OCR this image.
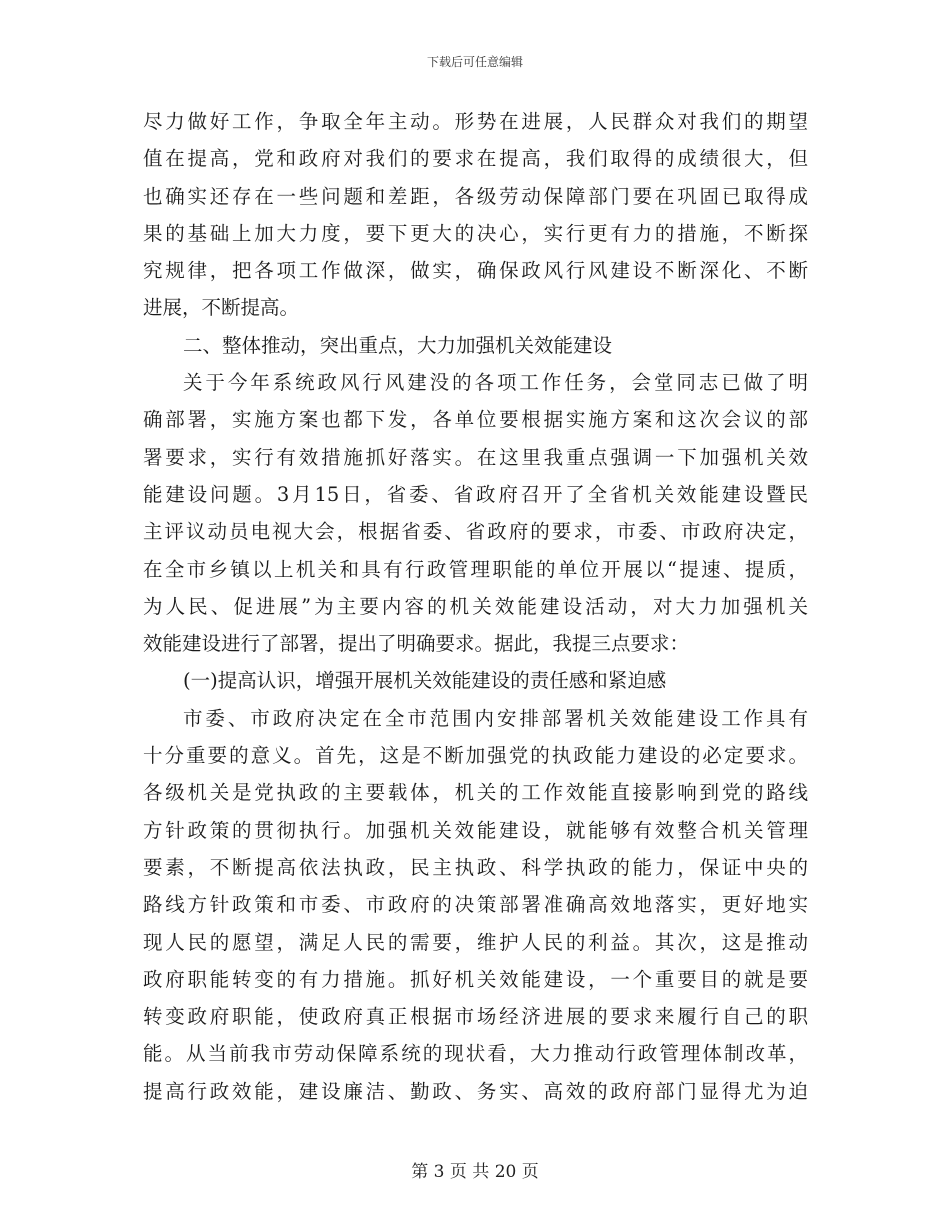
下载后可任意编辑
尽力做好工作，争取全年主动。形势在进展，人民群众对我们的期望
值在提高，党和政府对我们的要求在提高，我们取得的成绩很大，但
也确实还存在一些问题和差距，各级劳动保障部门要在巩固已取得成
果的基础上加大力度，要下更大的决心，实行更有力的措施，不断探
究规律，把各项工作做深，做实，确保政风行风建设不断深化、不断
进展，不断提高。
二、整体推动，突出重点，大力加强机关效能建设
关于今年系统政风行风建没的各项工作任务，会堂同志已做了明
确部署，实施方案也都下发，各单位要根据实施方案和这次会议的部
署要求，实行有效措施抓好落实。在这里我重点强调一下加强机关效
能建设问题。3月15日，省委、省政府召开了全省机关效能建设暨民
主评议动员电视大会，根据省委、省政府的要求，市委、市政府决定，
在全市乡镇以上机关和具有行政管理职能的单位开展以“提速、提质，
为人民、促进展”为主要内容的机关效能建设活动，对大力加强机关
效能建设进行了部署，提出了明确要求。据此，我提三点要求：
(一)提高认识，增强开展机关效能建设的责任感和紧迫感
市委、市政府决定在全市范围内安排部署机关效能建设工作具有
十分重要的意义。首先，这是不断加强党的执政能力建设的必定要求。
各级机关是党执政的主要载体，机关的工作效能直接影响到党的路线
方针政策的贯彻执行。加强机关效能建设，就能够有效整合机关管理
要素，不断提高依法执政，民主执政、科学执政的能力，保证中央的
路线方针政策和市委、市政府的决策部署准确高效地落实，更好地实
现人民的愿望，满足人民的需要，维护人民的利益。其次，这是推动
政府职能转变的有力措施。抓好机关效能建设，一个重要目的就是要
转变政府职能，使政府真正根据市场经济进展的要求来履行自己的职
能。从当前我市劳动保障系统的现状看，大力推动行政管理体制改革，
提高行政效能，建设廉洁、勤政、务实、高效的政府部门显得尤为迫
第 3 页 共 20 页
